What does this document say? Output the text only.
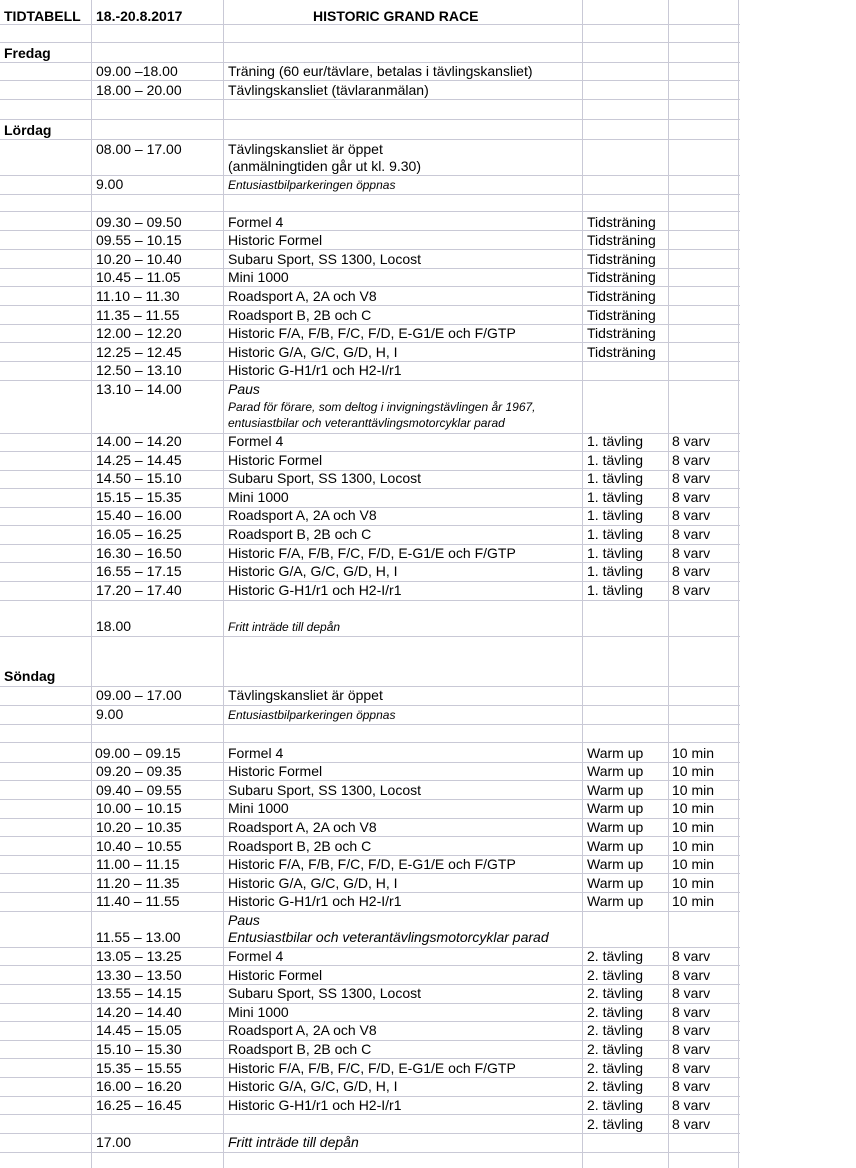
TIDTABELL 18.-20.8.2017	HISTORIC GRAND RACE
Fredag
09.00 –18.00	Träning (60 eur/tävlare, betalas i tävlingskansliet)
18.00 – 20.00	Tävlingskansliet (tävlaranmälan)
Lördag
08.00 – 17.00	Tävlingskansliet är öppet
(anmälningtiden går ut kl. 9.30)
9.00	Entusiastbilparkeringen öppnas
09.30 – 09.50	Formel 4	Tidsträning
09.55 – 10.15	Historic Formel	Tidsträning
10.20 – 10.40	Subaru Sport, SS 1300, Locost	Tidsträning
10.45 – 11.05	Mini 1000	Tidsträning
11.10 – 11.30	Roadsport A, 2A och V8	Tidsträning
11.35 – 11.55	Roadsport B, 2B och C	Tidsträning
12.00 – 12.20	Historic F/A, F/B, F/C, F/D, E-G1/E och F/GTP	Tidsträning
12.25 – 12.45	Historic G/A, G/C, G/D, H, I	Tidsträning
12.50 – 13.10	Historic G-H1/r1 och H2-I/r1
13.10 – 14.00	Paus
Parad för förare, som deltog i invigningstävlingen år 1967,
entusiastbilar och veteranttävlingsmotorcyklar parad
14.00 – 14.20	Formel 4	1. tävling 8 varv
14.25 – 14.45	Historic Formel	1. tävling 8 varv
14.50 – 15.10	Subaru Sport, SS 1300, Locost	1. tävling 8 varv
15.15 – 15.35	Mini 1000	1. tävling 8 varv
15.40 – 16.00	Roadsport A, 2A och V8	1. tävling 8 varv
16.05 – 16.25	Roadsport B, 2B och C	1. tävling 8 varv
16.30 – 16.50	Historic F/A, F/B, F/C, F/D, E-G1/E och F/GTP	1. tävling 8 varv
16.55 – 17.15	Historic G/A, G/C, G/D, H, I	1. tävling 8 varv
17.20 – 17.40	Historic G-H1/r1 och H2-I/r1	1. tävling 8 varv
18.00	Fritt inträde till depån
Söndag
09.00 – 17.00	Tävlingskansliet är öppet
9.00	Entusiastbilparkeringen öppnas
09.00 – 09.15	Formel 4	Warm up 10 min
09.20 – 09.35	Historic Formel	Warm up 10 min
09.40 – 09.55	Subaru Sport, SS 1300, Locost	Warm up 10 min
10.00 – 10.15	Mini 1000	Warm up 10 min
10.20 – 10.35	Roadsport A, 2A och V8	Warm up 10 min
10.40 – 10.55	Roadsport B, 2B och C	Warm up 10 min
11.00 – 11.15	Historic F/A, F/B, F/C, F/D, E-G1/E och F/GTP	Warm up 10 min
11.20 – 11.35	Historic G/A, G/C, G/D, H, I	Warm up 10 min
11.40 – 11.55	Historic G-H1/r1 och H2-I/r1	Warm up 10 min
Paus
11.55 – 13.00	Entusiastbilar och veterantävlingsmotorcyklar parad
13.05 – 13.25	Formel 4	2. tävling 8 varv
13.30 – 13.50	Historic Formel	2. tävling 8 varv
13.55 – 14.15	Subaru Sport, SS 1300, Locost	2. tävling 8 varv
14.20 – 14.40	Mini 1000	2. tävling 8 varv
14.45 – 15.05	Roadsport A, 2A och V8	2. tävling 8 varv
15.10 – 15.30	Roadsport B, 2B och C	2. tävling 8 varv
15.35 – 15.55	Historic F/A, F/B, F/C, F/D, E-G1/E och F/GTP	2. tävling 8 varv
16.00 – 16.20	Historic G/A, G/C, G/D, H, I	2. tävling 8 varv
16.25 – 16.45	Historic G-H1/r1 och H2-I/r1	2. tävling 8 varv
2. tävling 8 varv
17.00	Fritt inträde till depån
